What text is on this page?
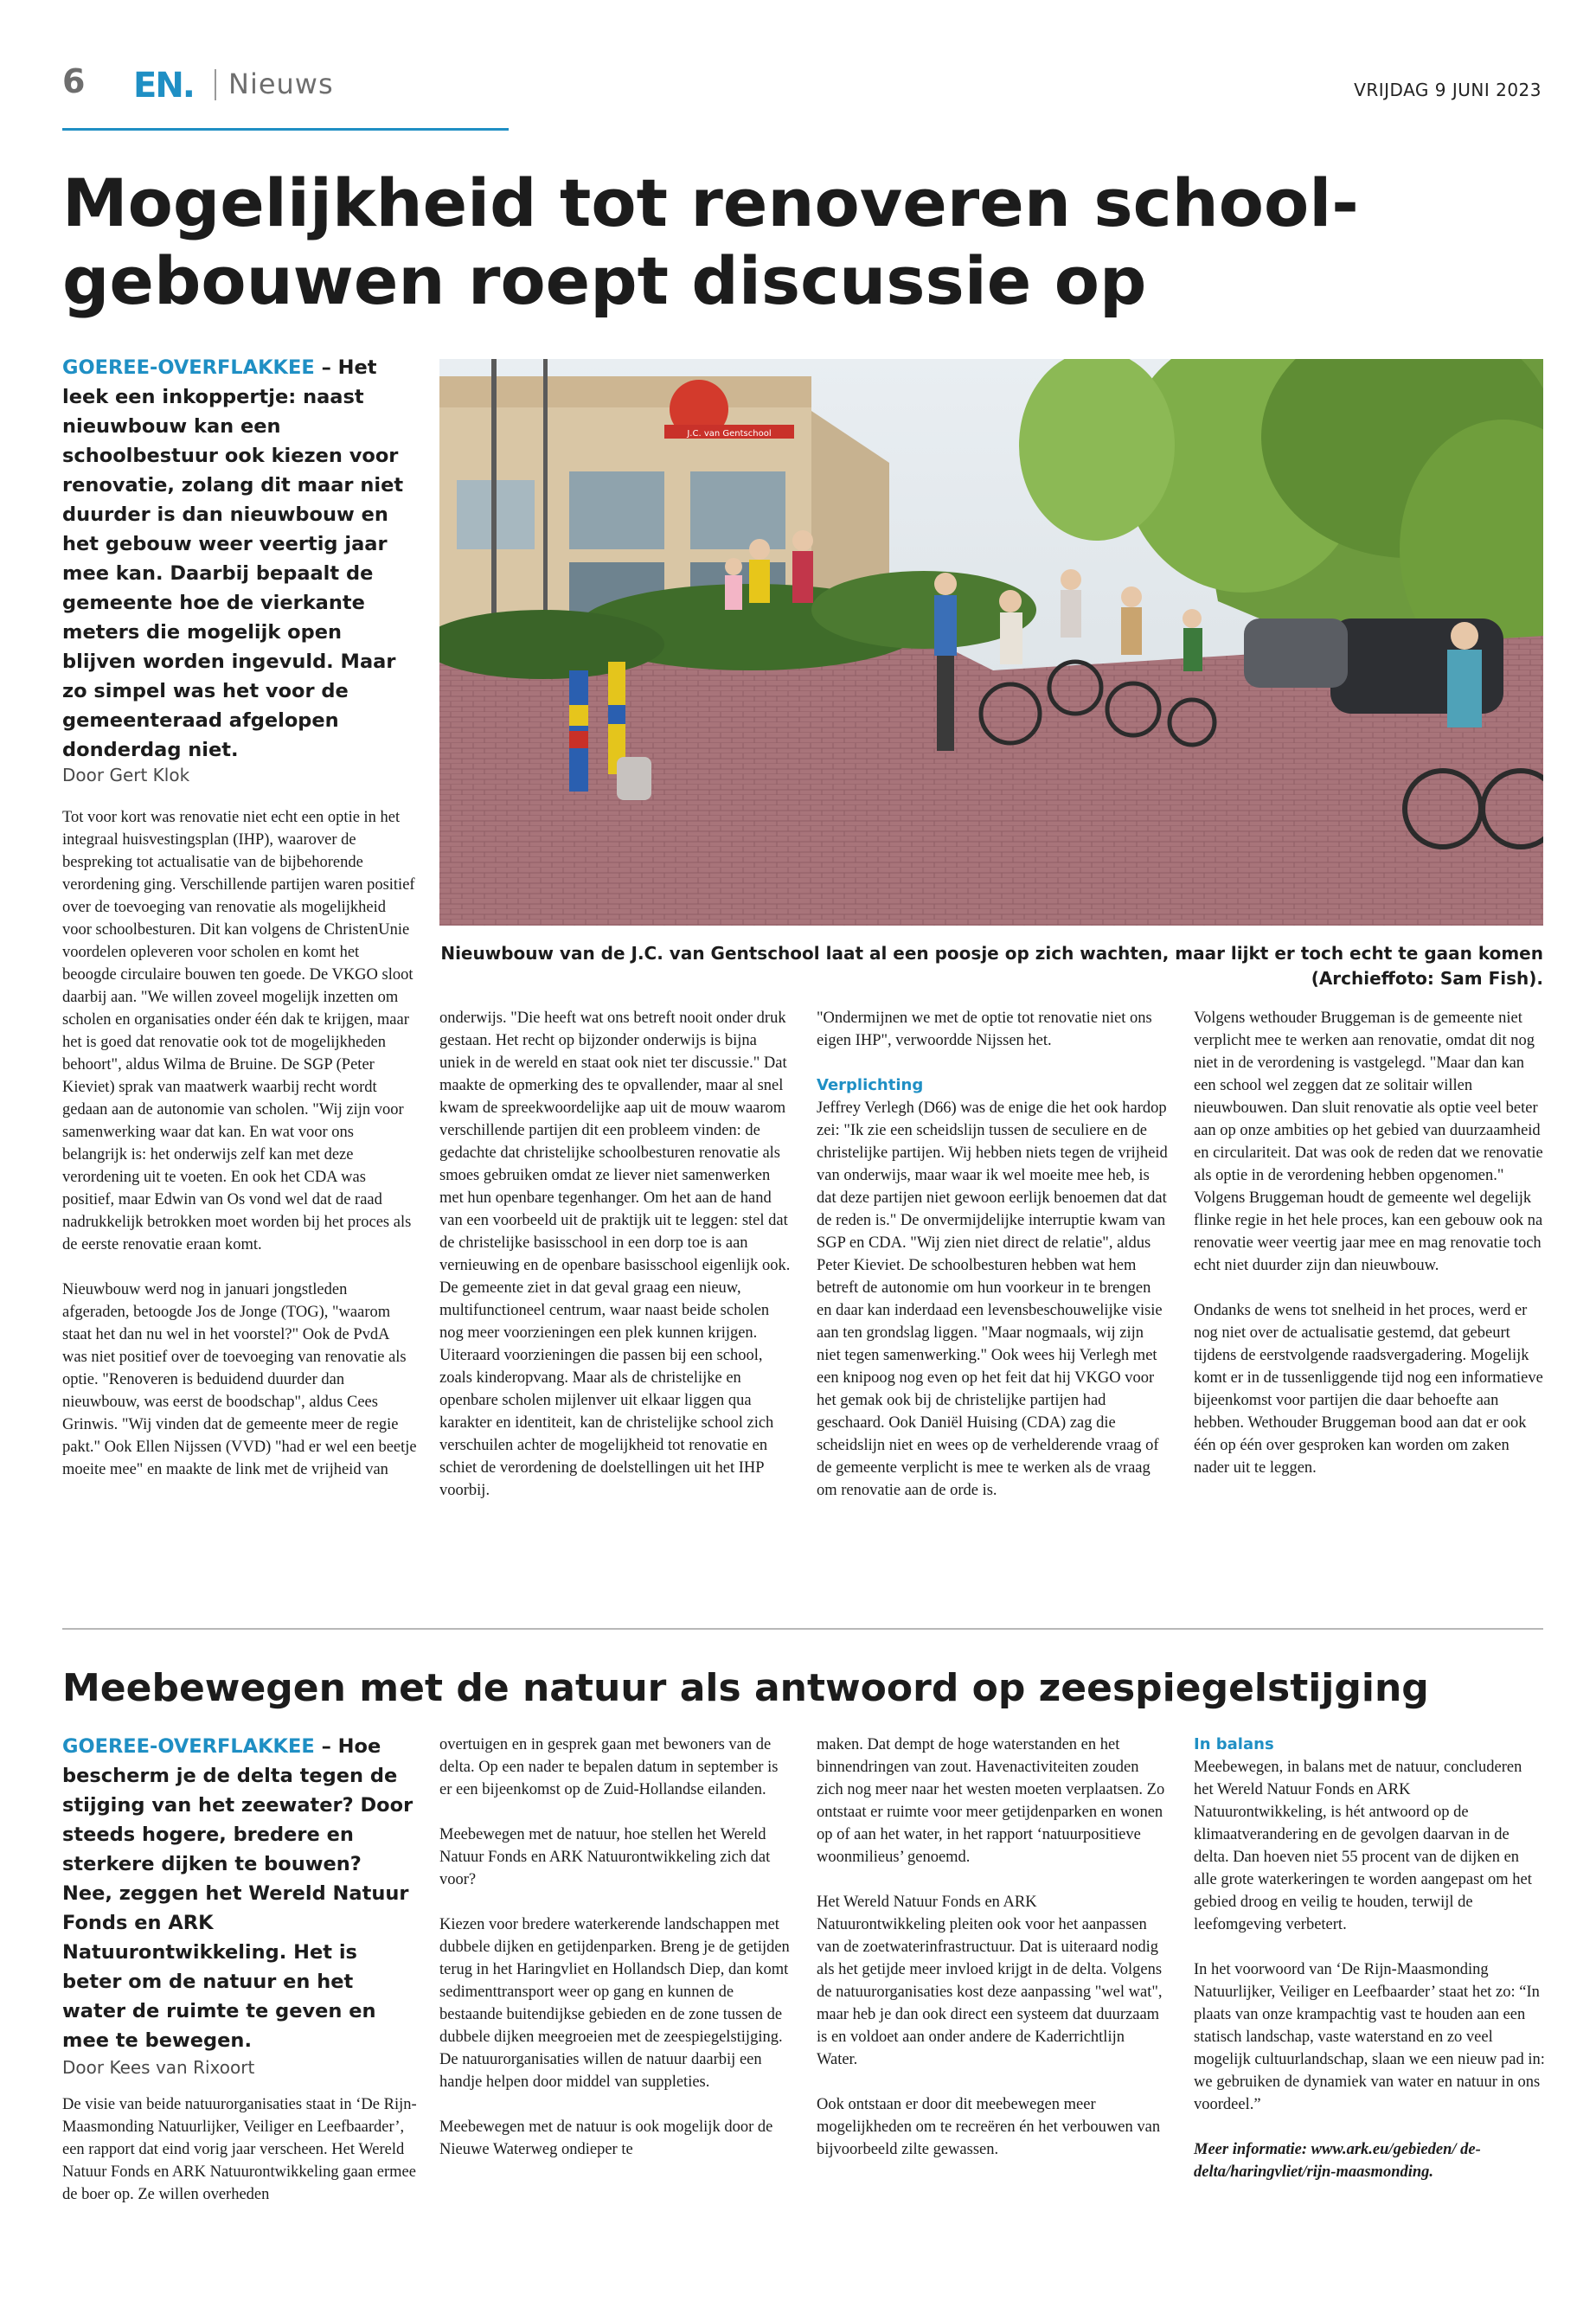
6 EN. Nieuws	VRIJDAG 9 JUNI 2023
Mogelijkheid tot renoveren school-
gebouwen roept discussie op

GOEREE-OVERFLAKKEE – Het leek een inkoppertje: naast nieuwbouw kan een schoolbestuur ook kiezen voor renovatie, zolang dit maar niet duurder is dan nieuwbouw en het gebouw weer veertig jaar mee kan. Daarbij bepaalt de gemeente hoe de vierkante meters die mogelijk open blijven worden ingevuld. Maar zo simpel was het voor de gemeenteraad afgelopen donderdag niet.

Door Gert Klok

Tot voor kort was renovatie niet echt een optie in het integraal huisvestingsplan (IHP), waarover de bespreking tot actualisatie van de bijbehorende verordening ging. Verschillende partijen waren positief over de toevoeging van renovatie als mogelijkheid voor schoolbesturen. Dit kan volgens de ChristenUnie voordelen opleveren voor scholen en komt het beoogde circulaire bouwen ten goede. De VKGO sloot daarbij aan. "We willen zoveel mogelijk inzetten om scholen en organisaties onder één dak te krijgen, maar het is goed dat renovatie ook tot de mogelijkheden behoort", aldus Wilma de Bruine. De SGP (Peter Kieviet) sprak van maatwerk waarbij recht wordt gedaan aan de autonomie van scholen. "Wij zijn voor samenwerking waar dat kan. En wat voor ons belangrijk is: het onderwijs zelf kan met deze verordening uit te voeten. En ook het CDA was positief, maar Edwin van Os vond wel dat de raad nadrukkelijk betrokken moet worden bij het proces als de eerste renovatie eraan komt.

Nieuwbouw werd nog in januari jongstleden afgeraden, betoogde Jos de Jonge (TOG), "waarom staat het dan nu wel in het voorstel?" Ook de PvdA was niet positief over de toevoeging van renovatie als optie. "Renoveren is beduidend duurder dan nieuwbouw, was eerst de boodschap", aldus Cees Grinwis. "Wij vinden dat de gemeente meer de regie pakt." Ook Ellen Nijssen (VVD) "had er wel een beetje moeite mee" en maakte de link met de vrijheid van

J.C. van Gentschool
Nieuwbouw van de J.C. van Gentschool laat al een poosje op zich wachten, maar lijkt er toch echt te gaan komen
(Archieffoto: Sam Fish).

onderwijs. "Die heeft wat ons betreft nooit onder druk gestaan. Het recht op bijzonder onderwijs is bijna uniek in de wereld en staat ook niet ter discussie." Dat maakte de opmerking des te opvallender, maar al snel kwam de spreekwoordelijke aap uit de mouw waarom verschillende partijen dit een probleem vinden: de gedachte dat christelijke schoolbesturen renovatie als smoes gebruiken omdat ze liever niet samenwerken met hun openbare tegenhanger. Om het aan de hand van een voorbeeld uit de praktijk uit te leggen: stel dat de christelijke basisschool in een dorp toe is aan vernieuwing en de openbare basisschool eigenlijk ook. De gemeente ziet in dat geval graag een nieuw, multifunctioneel centrum, waar naast beide scholen nog meer voorzieningen een plek kunnen krijgen. Uiteraard voorzieningen die passen bij een school, zoals kinderopvang. Maar als de christelijke en openbare scholen mijlenver uit elkaar liggen qua karakter en identiteit, kan de christelijke school zich verschuilen achter de mogelijkheid tot renovatie en schiet de verordening de doelstellingen uit het IHP voorbij.

"Ondermijnen we met de optie tot renovatie niet ons eigen IHP", verwoordde Nijssen het.

Verplichting

Jeffrey Verlegh (D66) was de enige die het ook hardop zei: "Ik zie een scheidslijn tussen de seculiere en de christelijke partijen. Wij hebben niets tegen de vrijheid van onderwijs, maar waar ik wel moeite mee heb, is dat deze partijen niet gewoon eerlijk benoemen dat dat de reden is." De onvermijdelijke interruptie kwam van SGP en CDA. "Wij zien niet direct de relatie", aldus Peter Kieviet. De schoolbesturen hebben wat hem betreft de autonomie om hun voorkeur in te brengen en daar kan inderdaad een levensbeschouwelijke visie aan ten grondslag liggen. "Maar nogmaals, wij zijn niet tegen samenwerking." Ook wees hij Verlegh met een knipoog nog even op het feit dat hij VKGO voor het gemak ook bij de christelijke partijen had geschaard. Ook Daniël Huising (CDA) zag die scheidslijn niet en wees op de verhelderende vraag of de gemeente verplicht is mee te werken als de vraag om renovatie aan de orde is.

Volgens wethouder Bruggeman is de gemeente niet verplicht mee te werken aan renovatie, omdat dit nog niet in de verordening is vastgelegd. "Maar dan kan een school wel zeggen dat ze solitair willen nieuwbouwen. Dan sluit renovatie als optie veel beter aan op onze ambities op het gebied van duurzaamheid en circulariteit. Dat was ook de reden dat we renovatie als optie in de verordening hebben opgenomen." Volgens Bruggeman houdt de gemeente wel degelijk flinke regie in het hele proces, kan een gebouw ook na renovatie weer veertig jaar mee en mag renovatie toch echt niet duurder zijn dan nieuwbouw.

Ondanks de wens tot snelheid in het proces, werd er nog niet over de actualisatie gestemd, dat gebeurt tijdens de eerstvolgende raadsvergadering. Mogelijk komt er in de tussenliggende tijd nog een informatieve bijeenkomst voor partijen die daar behoefte aan hebben. Wethouder Bruggeman bood aan dat er ook één op één over gesproken kan worden om zaken nader uit te leggen.

Meebewegen met de natuur als antwoord op zeespiegelstijging

GOEREE-OVERFLAKKEE – Hoe bescherm je de delta tegen de stijging van het zeewater? Door steeds hogere, bredere en sterkere dijken te bouwen? Nee, zeggen het Wereld Natuur Fonds en ARK Natuurontwikkeling. Het is beter om de natuur en het water de ruimte te geven en mee te bewegen.

Door Kees van Rixoort

De visie van beide natuurorganisaties staat in ‘De Rijn-Maasmonding Natuurlijker, Veiliger en Leefbaarder’, een rapport dat eind vorig jaar verscheen. Het Wereld Natuur Fonds en ARK Natuurontwikkeling gaan ermee de boer op. Ze willen overheden

overtuigen en in gesprek gaan met bewoners van de delta. Op een nader te bepalen datum in september is er een bijeenkomst op de Zuid-Hollandse eilanden.

Meebewegen met de natuur, hoe stellen het Wereld Natuur Fonds en ARK Natuurontwikkeling zich dat voor?

Kiezen voor bredere waterkerende landschappen met dubbele dijken en getijdenparken. Breng je de getijden terug in het Haringvliet en Hollandsch Diep, dan komt sedimenttransport weer op gang en kunnen de bestaande buitendijkse gebieden en de zone tussen de dubbele dijken meegroeien met de zeespiegelstijging. De natuurorganisaties willen de natuur daarbij een handje helpen door middel van suppleties.

Meebewegen met de natuur is ook mogelijk door de Nieuwe Waterweg ondieper te

maken. Dat dempt de hoge waterstanden en het binnendringen van zout. Havenactiviteiten zouden zich nog meer naar het westen moeten verplaatsen. Zo ontstaat er ruimte voor meer getijdenparken en wonen op of aan het water, in het rapport ‘natuurpositieve woonmilieus’ genoemd.

Het Wereld Natuur Fonds en ARK Natuurontwikkeling pleiten ook voor het aanpassen van de zoetwaterinfrastructuur. Dat is uiteraard nodig als het getijde meer invloed krijgt in de delta. Volgens de natuurorganisaties kost deze aanpassing "wel wat", maar heb je dan ook direct een systeem dat duurzaam is en voldoet aan onder andere de Kaderrichtlijn Water.

Ook ontstaan er door dit meebewegen meer mogelijkheden om te recreëren én het verbouwen van bijvoorbeeld zilte gewassen.

In balans

Meebewegen, in balans met de natuur, concluderen het Wereld Natuur Fonds en ARK Natuurontwikkeling, is hét antwoord op de klimaatverandering en de gevolgen daarvan in de delta. Dan hoeven niet 55 procent van de dijken en alle grote waterkeringen te worden aangepast om het gebied droog en veilig te houden, terwijl de leefomgeving verbetert.

In het voorwoord van ‘De Rijn-Maasmonding Natuurlijker, Veiliger en Leefbaarder’ staat het zo: “In plaats van onze krampachtig vast te houden aan een statisch landschap, vaste waterstand en zo veel mogelijk cultuurlandschap, slaan we een nieuw pad in: we gebruiken de dynamiek van water en natuur in ons voordeel.”

Meer informatie: www.ark.eu/gebieden/ de-delta/haringvliet/rijn-maasmonding.
